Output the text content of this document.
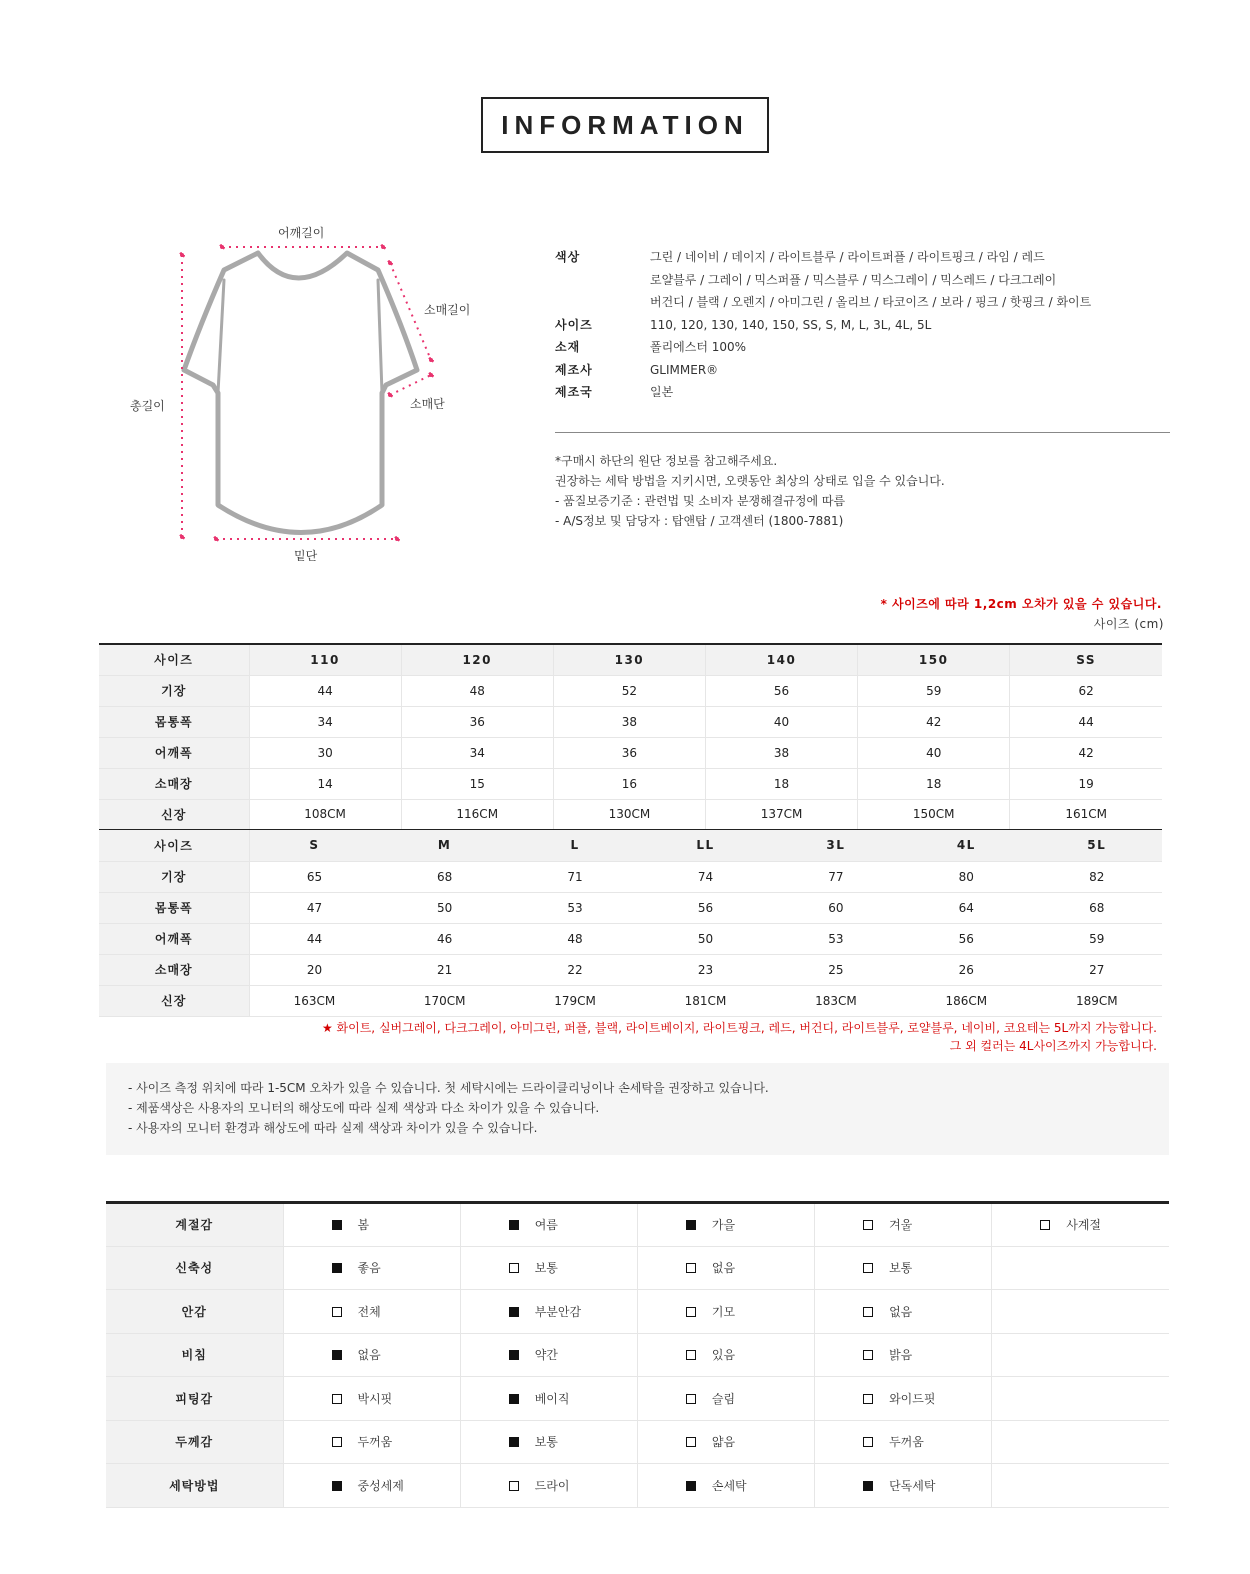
INFORMATION
어깨길이
소매길이
총길이	소매단
밑단
색상	그린 / 네이비 / 데이지 / 라이트블루 / 라이트퍼플 / 라이트핑크 / 라임 / 레드
로얄블루 / 그레이 / 믹스퍼플 / 믹스블루 / 믹스그레이 / 믹스레드 / 다크그레이
버건디 / 블랙 / 오렌지 / 아미그린 / 올리브 / 타코이즈 / 보라 / 핑크 / 핫핑크 / 화이트
사이즈	110, 120, 130, 140, 150, SS, S, M, L, 3L, 4L, 5L
소재	폴리에스터 100%
제조사	GLIMMER®
제조국	일본
*구매시 하단의 원단 정보를 참고해주세요.
권장하는 세탁 방법을 지키시면, 오랫동안 최상의 상태로 입을 수 있습니다.
- 품질보증기준 : 관련법 및 소비자 분쟁해결규정에 따름
- A/S정보 및 담당자 : 탑앤탑 / 고객센터 (1800-7881)
* 사이즈에 따라 1,2cm 오차가 있을 수 있습니다.
사이즈 (cm)
사이즈	110	120	130	140	150	SS
기장	44	48	52	56	59	62
몸통폭	34	36	38	40	42	44
어깨폭	30	34	36	38	40	42
소매장	14	15	16	18	18	19
신장	108CM	116CM	130CM	137CM	150CM	161CM
사이즈	S	M	L	LL	3L	4L	5L
기장	65	68	71	74	77	80	82
몸통폭	47	50	53	56	60	64	68
어깨폭	44	46	48	50	53	56	59
소매장	20	21	22	23	25	26	27
신장	163CM	170CM	179CM	181CM	183CM	186CM	189CM
★ 화이트, 실버그레이, 다크그레이, 아미그린, 퍼플, 블랙, 라이트베이지, 라이트핑크, 레드, 버건디, 라이트블루, 로얄블루, 네이비, 코요테는 5L까지 가능합니다.
그 외 컬러는 4L사이즈까지 가능합니다.
- 사이즈 측정 위치에 따라 1-5CM 오차가 있을 수 있습니다. 첫 세탁시에는 드라이클리닝이나 손세탁을 권장하고 있습니다.
- 제품색상은 사용자의 모니터의 해상도에 따라 실제 색상과 다소 차이가 있을 수 있습니다.
- 사용자의 모니터 환경과 해상도에 따라 실제 색상과 차이가 있을 수 있습니다.
계절감	봄	여름	가을	겨울	사계절
신축성	좋음	보통	없음	보통	
안감	전체	부분안감	기모	없음	
비침	없음	약간	있음	밝음	
피팅감	박시핏	베이직	슬림	와이드핏	
두께감	두꺼움	보통	얇음	두꺼움	
세탁방법	중성세제	드라이	손세탁	단독세탁	
